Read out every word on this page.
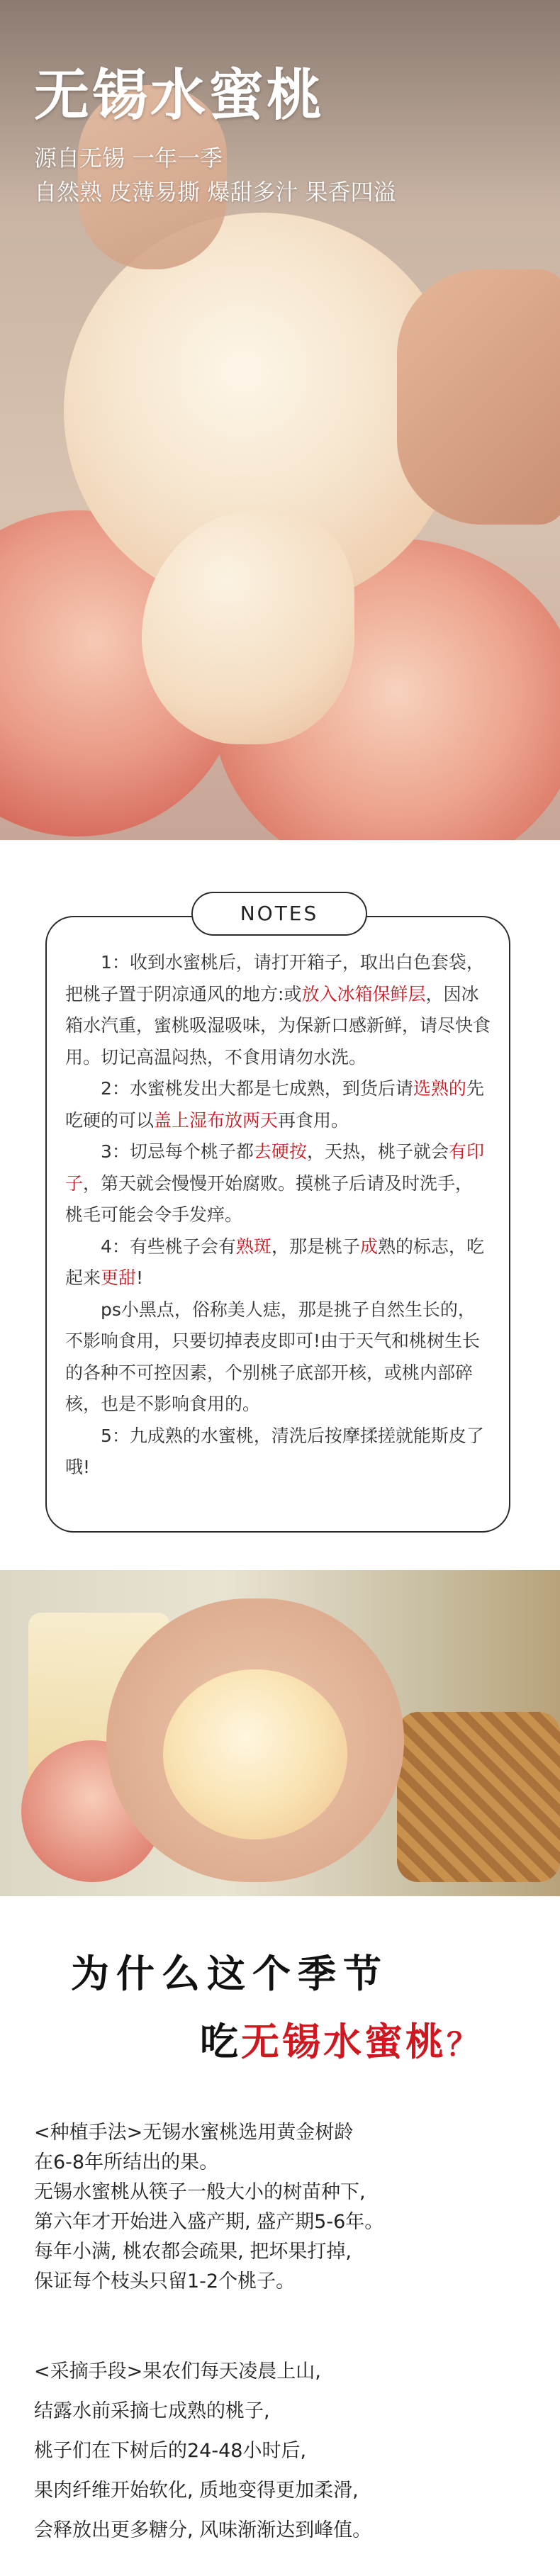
无锡水蜜桃
源自无锡 一年一季
自然熟 皮薄易撕 爆甜多汁 果香四溢
NOTES

1：收到水蜜桃后，请打开箱子，取出白色套袋，把桃子置于阴凉通风的地方:或放入冰箱保鲜层，因冰箱水汽重，蜜桃吸湿吸味，为保新口感新鲜，请尽快食用。切记高温闷热，不食用请勿水洗。

2：水蜜桃发出大都是七成熟，到货后请选熟的先吃硬的可以盖上湿布放两天再食用。

3：切忌每个桃子都去硬按，天热，桃子就会有印子，第天就会慢慢开始腐败。摸桃子后请及时洗手，桃毛可能会令手发痒。

4：有些桃子会有熟斑，那是桃子成熟的标志，吃起来更甜!

ps小黑点，俗称美人痣，那是挑子自然生长的，不影响食用，只要切掉表皮即可!由于天气和桃树生长的各种不可控因素，个别桃子底部开核，或桃内部碎核，也是不影响食用的。

5：九成熟的水蜜桃，清洗后按摩揉搓就能斯皮了哦!

为什么这个季节
吃无锡水蜜桃？
<种植手法>无锡水蜜桃选用黄金树龄
在6-8年所结出的果。
无锡水蜜桃从筷子一般大小的树苗种下,
第六年才开始进入盛产期, 盛产期5-6年。
每年小满, 桃农都会疏果, 把坏果打掉,
保证每个枝头只留1-2个桃子。
<采摘手段>果农们每天凌晨上山,
结露水前采摘七成熟的桃子,
桃子们在下树后的24-48小时后,
果肉纤维开始软化, 质地变得更加柔滑,
会释放出更多糖分, 风味渐渐达到峰值。
